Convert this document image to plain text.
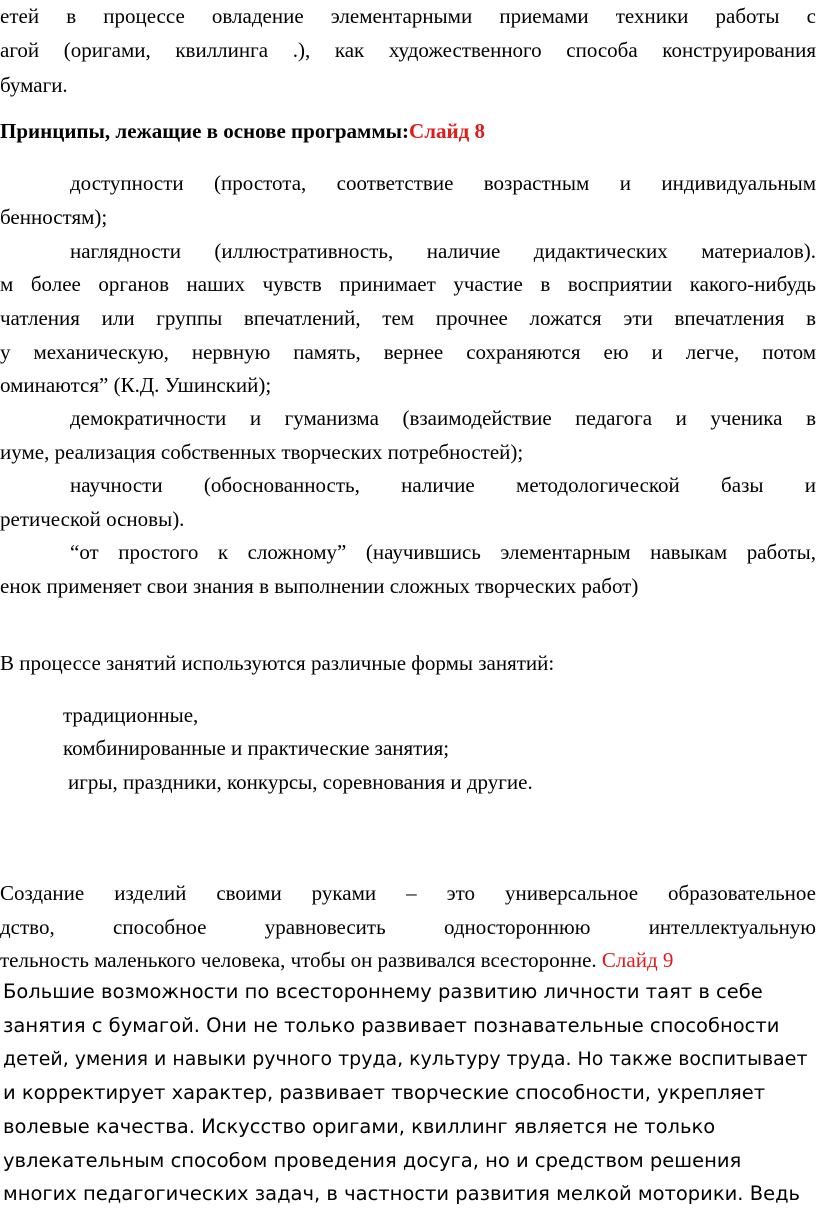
етей в процессе овладение элементарными приемами техники работы с
агой (оригами, квиллинга .), как художественного способа конструирования
бумаги.
Принципы, лежащие в основе программы:Слайд 8
доступности (простота, соответствие возрастным и индивидуальным
бенностям);
наглядности (иллюстративность, наличие дидактических материалов).
м более органов наших чувств принимает участие в восприятии какого-нибудь
чатления или группы впечатлений, тем прочнее ложатся эти впечатления в
у механическую, нервную память, вернее сохраняются ею и легче, потом
оминаются” (К.Д. Ушинский);
демократичности и гуманизма (взаимодействие педагога и ученика в
иуме, реализация собственных творческих потребностей);
научности (обоснованность, наличие методологической базы и
ретической основы).
“от простого к сложному” (научившись элементарным навыкам работы,
енок применяет свои знания в выполнении сложных творческих работ)
В процессе занятий используются различные формы занятий:
традиционные,
комбинированные и практические занятия;
игры, праздники, конкурсы, соревнования и другие.
Создание изделий своими руками – это универсальное образовательное
дство, способное уравновесить одностороннюю интеллектуальную
тельность маленького человека, чтобы он развивался всесторонне. Слайд 9
Большие возможности по всестороннему развитию личности таят в себе
занятия с бумагой. Они не только развивает познавательные способности
детей, умения и навыки ручного труда, культуру труда. Но также воспитывает
и корректирует характер, развивает творческие способности, укрепляет
волевые качества. Искусство оригами, квиллинг является не только
увлекательным способом проведения досуга, но и средством решения
многих педагогических задач, в частности развития мелкой моторики. Ведь
